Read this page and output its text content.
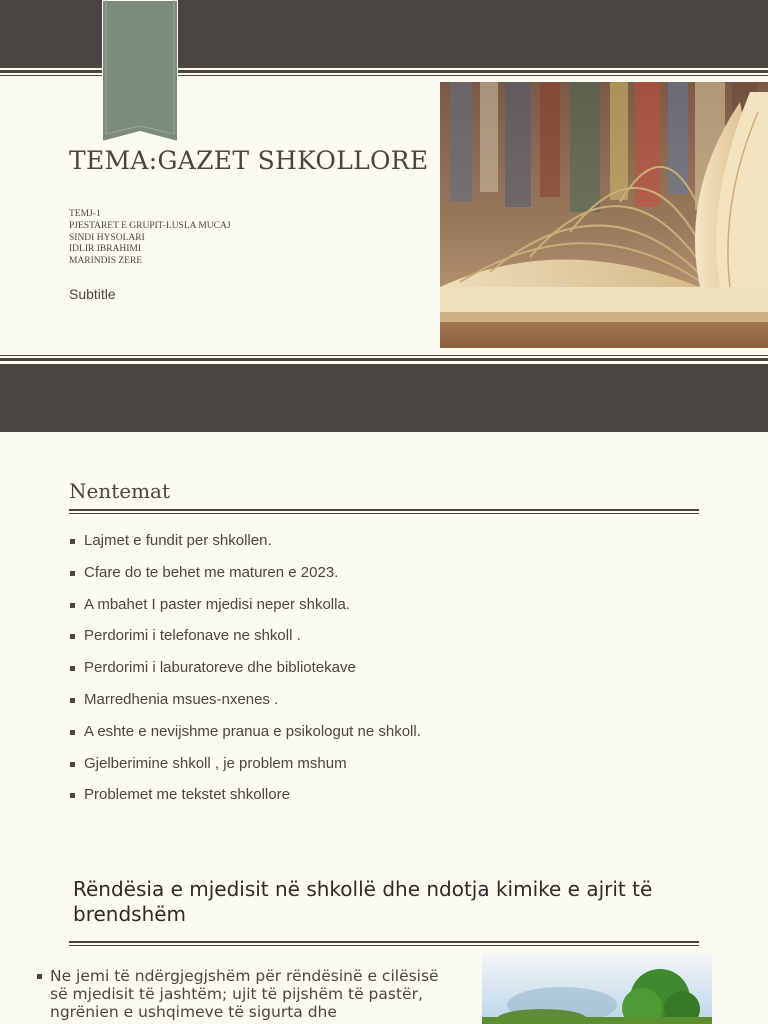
TEMA:GAZET SHKOLLORE
TEMJ-1
PJESTARET E GRUPIT-LUSLA MUCAJ
SINDI HYSOLARI
IDLIR IBRAHIMI
MARINDIS ZERE
Subtitle
Nentemat
Lajmet e fundit per shkollen.
Cfare do te behet me maturen e 2023.
A mbahet I paster mjedisi neper shkolla.
Perdorimi i telefonave ne shkoll .
Perdorimi i laburatoreve dhe bibliotekave
Marredhenia msues-nxenes .
A eshte e nevijshme pranua e psikologut ne shkoll.
Gjelberimine shkoll , je problem mshum
Problemet me tekstet shkollore
Rëndësia e mjedisit në shkollë dhe ndotja kimike e ajrit të brendshëm
Ne jemi të ndërgjegjshëm për rëndësinë e cilësisë së mjedisit të jashtëm; ujit të pijshëm të pastër, ngrënien e ushqimeve të sigurta dhe
